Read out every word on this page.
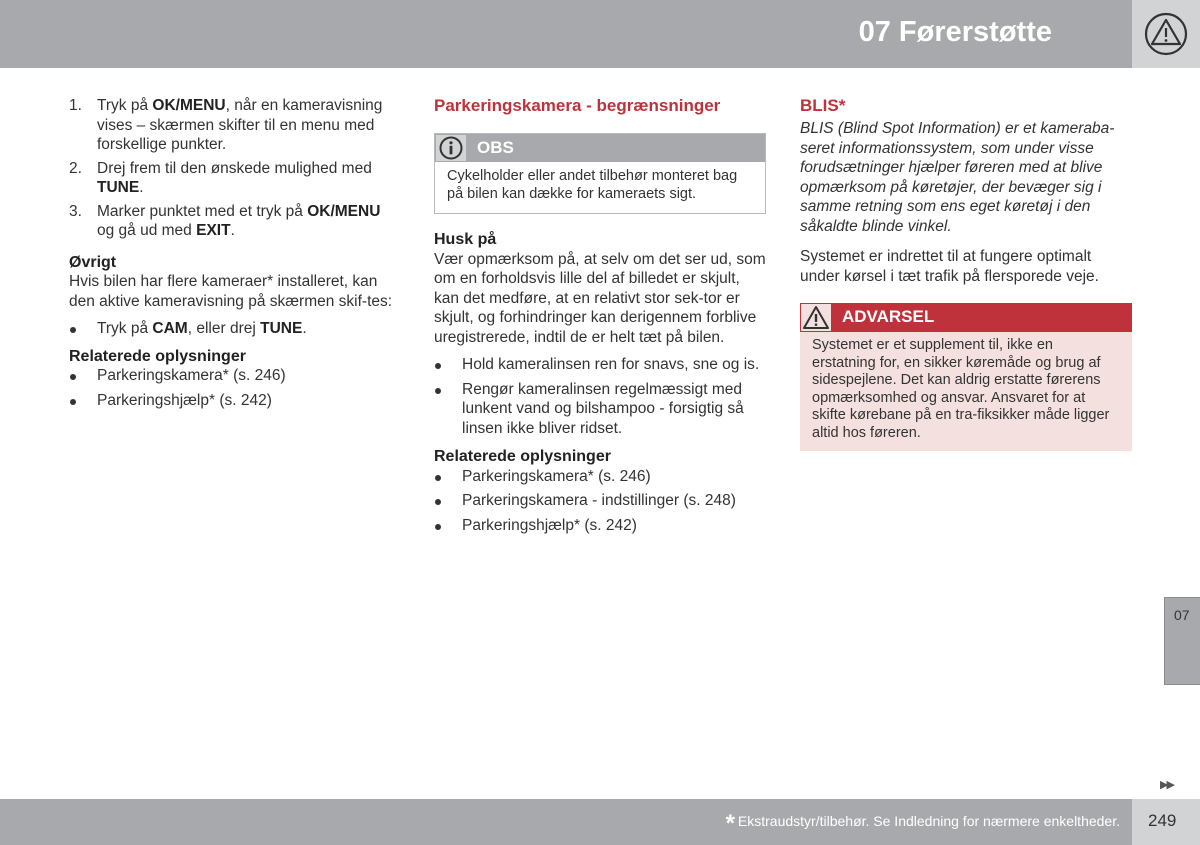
07 Førerstøtte
1. Tryk på OK/MENU, når en kameravisning vises – skærmen skifter til en menu med forskellige punkter.
2. Drej frem til den ønskede mulighed med TUNE.
3. Marker punktet med et tryk på OK/MENU og gå ud med EXIT.
Øvrigt

Hvis bilen har flere kameraer* installeret, kan den aktive kameravisning på skærmen skif-tes:

Tryk på CAM, eller drej TUNE.
Relaterede oplysninger
Parkeringskamera* (s. 246)
Parkeringshjælp* (s. 242)
Parkeringskamera - begrænsninger
OBS
Cykelholder eller andet tilbehør monteret bag på bilen kan dække for kameraets sigt.
Husk på

Vær opmærksom på, at selv om det ser ud, som om en forholdsvis lille del af billedet er skjult, kan det medføre, at en relativt stor sek-tor er skjult, og forhindringer kan derigennem forblive uregistrerede, indtil de er helt tæt på bilen.

Hold kameralinsen ren for snavs, sne og is.
Rengør kameralinsen regelmæssigt med lunkent vand og bilshampoo - forsigtig så linsen ikke bliver ridset.
Relaterede oplysninger
Parkeringskamera* (s. 246)
Parkeringskamera - indstillinger (s. 248)
Parkeringshjælp* (s. 242)
BLIS*

BLIS (Blind Spot Information) er et kameraba-seret informationssystem, som under visse forudsætninger hjælper føreren med at blive opmærksom på køretøjer, der bevæger sig i samme retning som ens eget køretøj i den såkaldte blinde vinkel.

Systemet er indrettet til at fungere optimalt under kørsel i tæt trafik på flersporede veje.

ADVARSEL
Systemet er et supplement til, ikke en erstatning for, en sikker køremåde og brug af sidespejlene. Det kan aldrig erstatte førerens opmærksomhed og ansvar. Ansvaret for at skifte kørebane på en tra-fiksikker måde ligger altid hos føreren.
07
▶▶
* Ekstraudstyr/tilbehør. Se Indledning for nærmere enkeltheder. 249
